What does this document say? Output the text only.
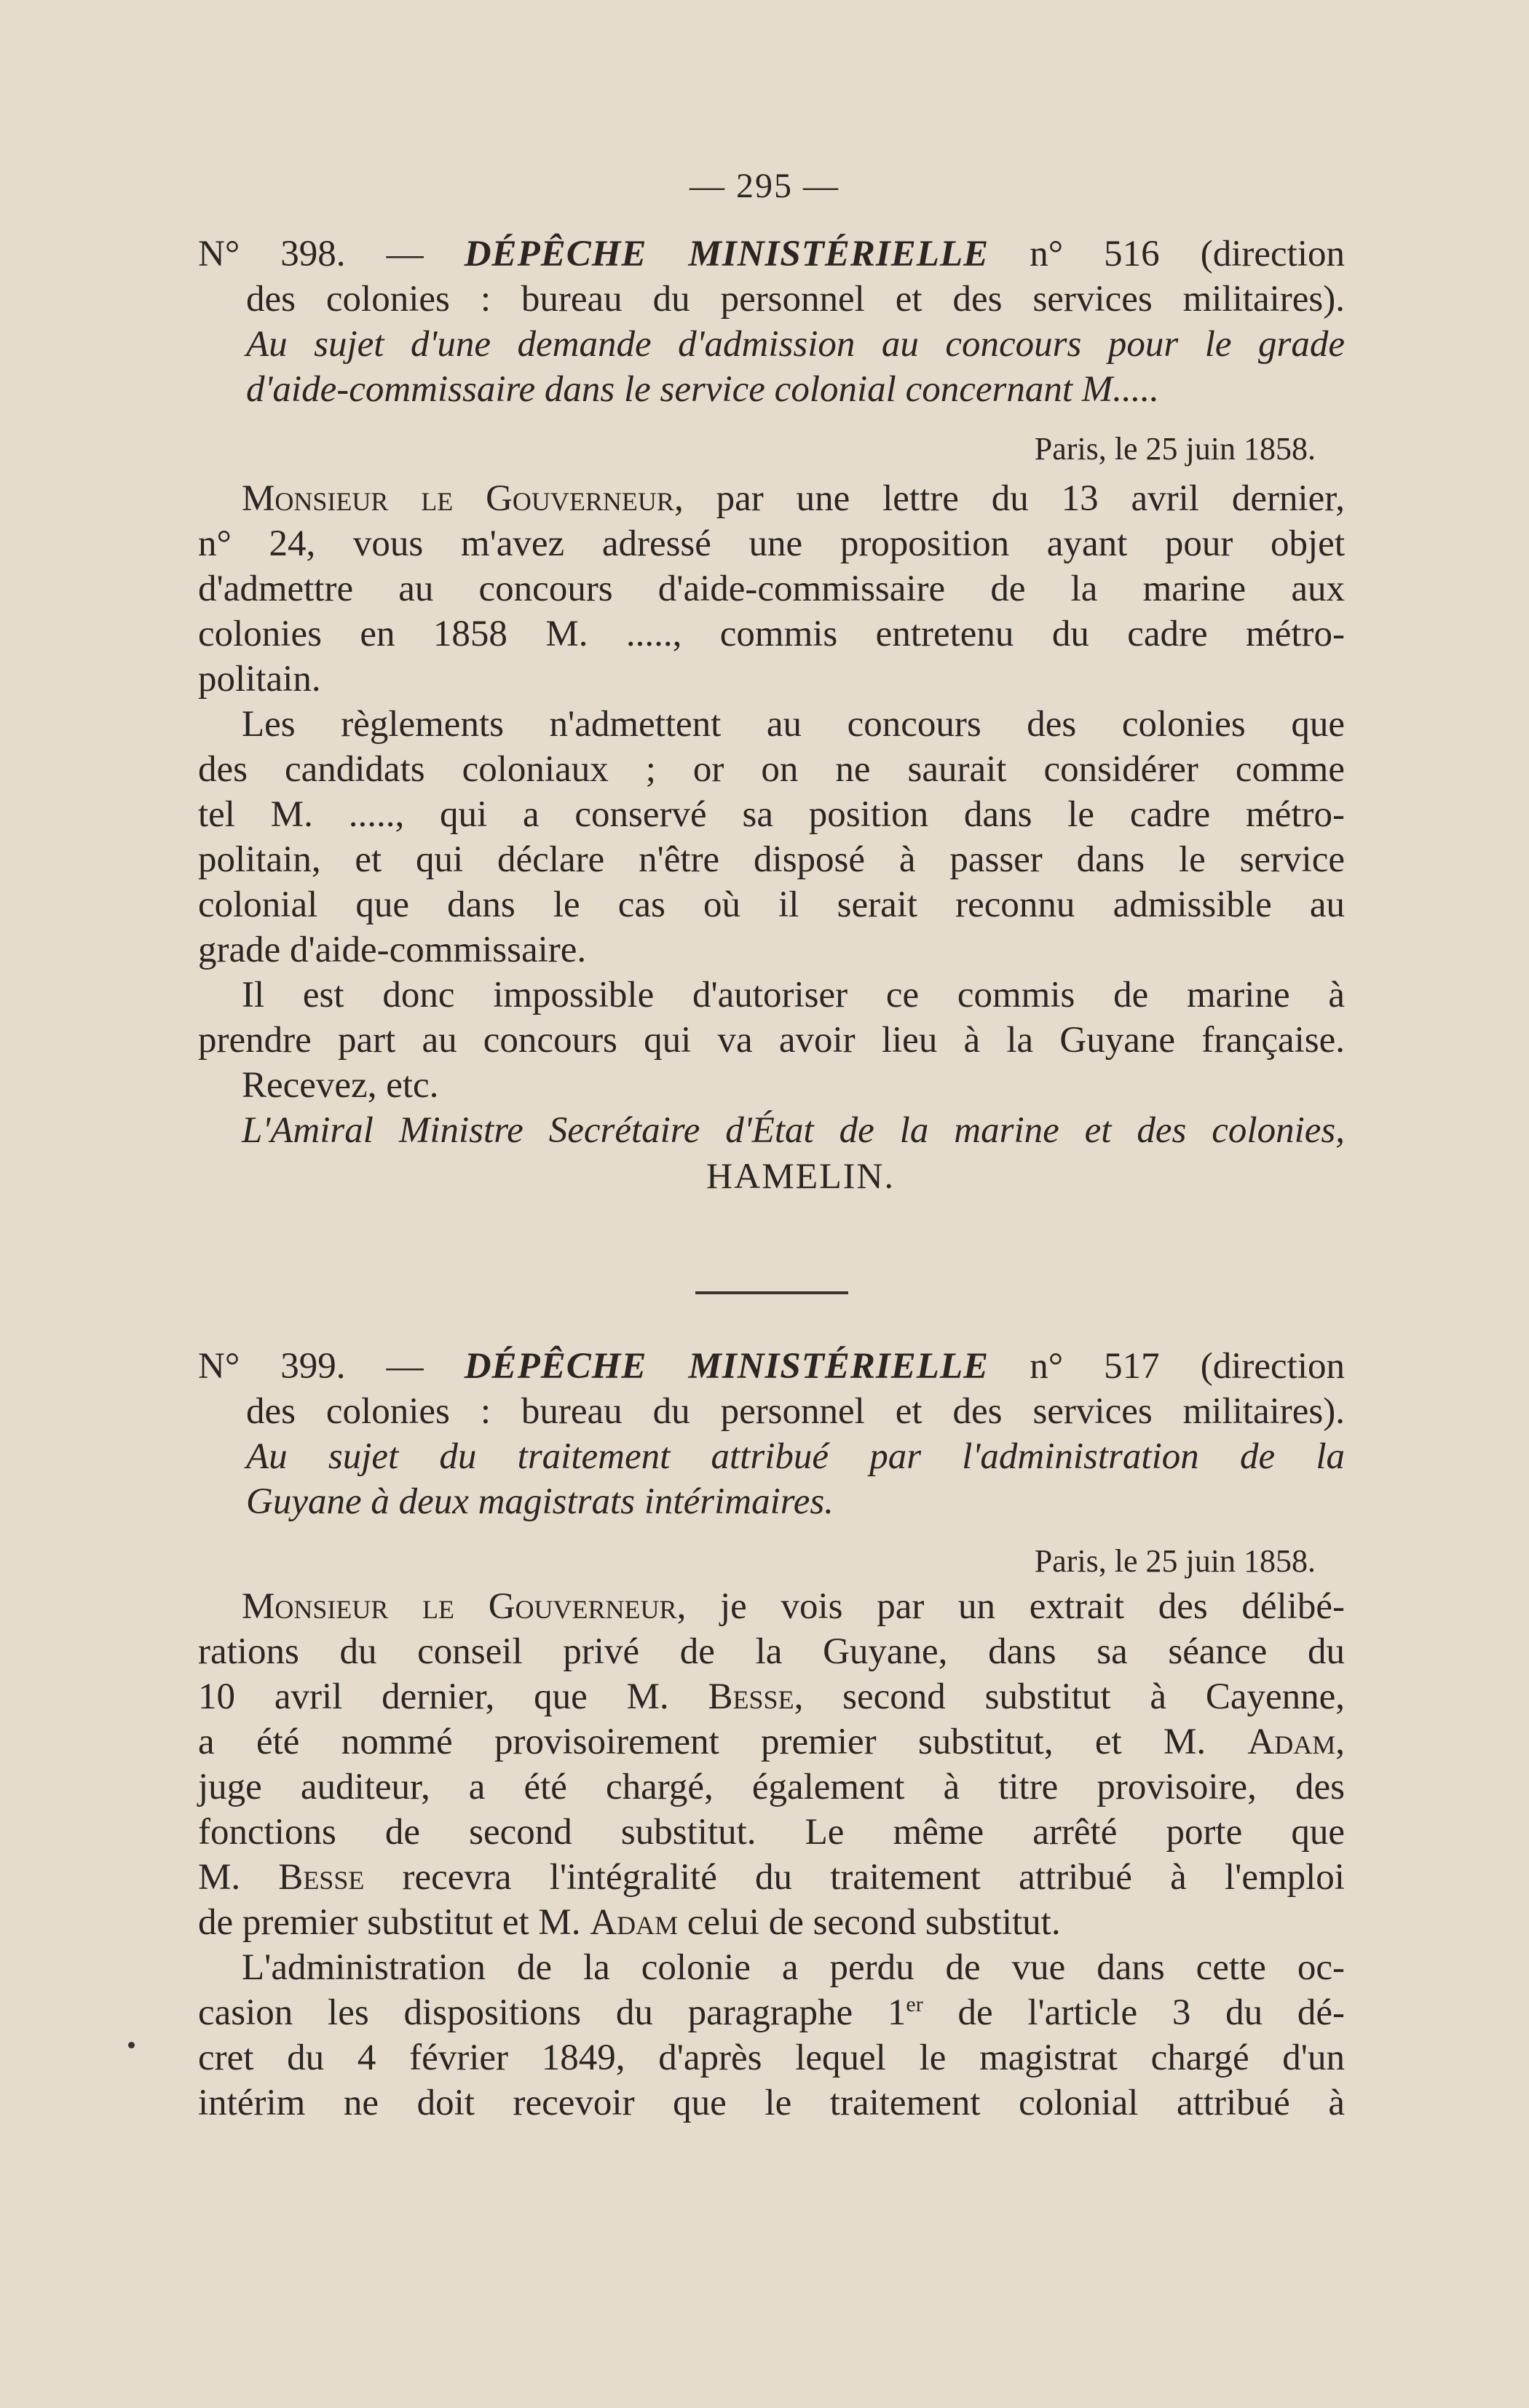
— 295 —
N° 398. — DÉPÊCHE MINISTÉRIELLE n° 516 (direction
des colonies : bureau du personnel et des services militaires).
Au sujet d'une demande d'admission au concours pour le grade
d'aide-commissaire dans le service colonial concernant M.....
Paris, le 25 juin 1858.
Monsieur le Gouverneur, par une lettre du 13 avril dernier,
n° 24, vous m'avez adressé une proposition ayant pour objet
d'admettre au concours d'aide-commissaire de la marine aux
colonies en 1858 M. ....., commis entretenu du cadre métro-
politain.
Les règlements n'admettent au concours des colonies que
des candidats coloniaux ; or on ne saurait considérer comme
tel M. ....., qui a conservé sa position dans le cadre métro-
politain, et qui déclare n'être disposé à passer dans le service
colonial que dans le cas où il serait reconnu admissible au
grade d'aide-commissaire.
Il est donc impossible d'autoriser ce commis de marine à
prendre part au concours qui va avoir lieu à la Guyane française.
Recevez, etc.
L'Amiral Ministre Secrétaire d'État de la marine et des colonies,
HAMELIN.
N° 399. — DÉPÊCHE MINISTÉRIELLE n° 517 (direction
des colonies : bureau du personnel et des services militaires).
Au sujet du traitement attribué par l'administration de la
Guyane à deux magistrats intérimaires.
Paris, le 25 juin 1858.
Monsieur le Gouverneur, je vois par un extrait des délibé-
rations du conseil privé de la Guyane, dans sa séance du
10 avril dernier, que M. Besse, second substitut à Cayenne,
a été nommé provisoirement premier substitut, et M. Adam,
juge auditeur, a été chargé, également à titre provisoire, des
fonctions de second substitut. Le même arrêté porte que
M. Besse recevra l'intégralité du traitement attribué à l'emploi
de premier substitut et M. Adam celui de second substitut.
L'administration de la colonie a perdu de vue dans cette oc-
casion les dispositions du paragraphe 1er de l'article 3 du dé-
cret du 4 février 1849, d'après lequel le magistrat chargé d'un
intérim ne doit recevoir que le traitement colonial attribué à
